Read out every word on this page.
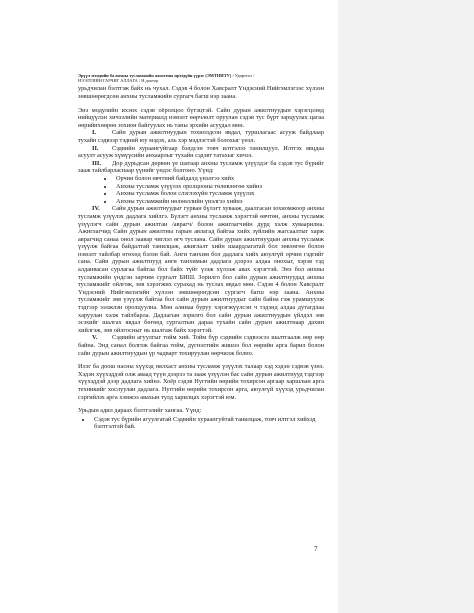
Эрүүл мэндийн ба анхны тусламжийн ажилтны ирээдүйн үүрэг (ЭМТНИТУ) / Удиртгал /
НЭЭЛТИЙН ГАРЧИГ АЛЛАГА / Н.доктор

урьдчилан бэлтгэж байх нь чухал. Сэдэв 4 болон Хавсралт Үндэсний Нийгэмлэгээс хүлээн зөвшөөрөгдсөн анхны тусламжийн сургагч багш нэр заана.

Энэ модулийн ихэнх сэдэв оёролцоо бүтэцтэй. Сайн дурын ажилтнуудын хэрэгцээнд нийцүүлэн хичээлийн материалд нэмэлт өөрчлөлт оруулан сэдэв тус бүрт зарцуулах цагаа өөрийнхөөрөө зохион байгуулах нь таны эрхийн асуудал мөн.

I.	Сайн дурын ажилтнуудын тохиолдсон явдал, туршлагаас асууж байдлаар тухайн сэдвээр тэдний юу мэдэх, аль хэр мэдлэгтэй болохыг үнэл.

II. Сэдвийн хураангуйгаар бэлдсэн товч илтгэлээ танилцуул. Илтгэх явцдаа асуулт асууж хүмүүсийн анхаарлыг тухайн сэдэвт татахыг хичээ.

III. Дор дурьдсан дөрвөн үе шатаар анхны тусламж үзүүлдэг ба сэдэв тус бүрийг зааж тайлбарласнаар үүнийг үндэс болгоно. Үүнд:

• Орчин болон өвчтний байдалд үнэлгээ хийх
• Анхны тусламж үзүүлэх оролцооны төлөвлөгөө хийнэ
• Анхны тусламж болон слэглэхүйн тусламж үзүүлэх
• Анхны тусламжийн нөлөөллийн үнэлгээ хийнэ

IV. Сайн дурын ажилтнуудыг гурван бүлэгт хувааж, даалгасан зохиомжоор анхны тусламж үзүүлэх дадлага хийлгэ. Бүлэгт анхны тусламж хэрэгтэй өвчтөн, анхны тусламж үзүүлэгч сайн дурын ажилтан /аврагч/ болон ажиглагчийн дүрд хэлж хуваарилна. Ажиглагчид Сайн дурын ажилтны гарын авлагад байгаа хийх зүйлийн жагсаалтыг харж аврагчид санаа онол заавар чиглэл өгч туслана. Сайн дурын ажилтнуудын анхны тусламж үзүүлж байгаа байдалтай танилцаж, ажиглалт хийн шаардлагатай бол зөвлөгөө болон нэмэлт тайлбар өгөхөд бэлэн бай. Анги танхим бол дадлага хийх аюулгүй орчин гэдгийг сана. Сайн дурын ажилтнууд анги танхимын дадлага дээрээ алдаа онохыг, хэрэв тэд алданвасан сурлагаа байгаа бол байх түйг үзэж хүлээж авах хэрэгтэй. Энэ бол анхны тусламжийн үндсэн зарчим сургалт БИШ. Зорилго бол сайн дурын ажилтнуудад анхны тусламжийг ойлгож, зөв хэрэгжих сурахад нь туслах явдал мөн. Сэдэв 4 болон Хавсралт Үндэсний Нийгэмлэгийн хүлээн зөвшөөрөгдсөн сургагч багш нэр заана. Анхны тусламжийг зөв үзүүлж байгаа бол сайн дурын ажилтнуудыг сайн байна гэж урамшуулж тэдгээр ээлжлэн оролцуулна. Мөн алинаа буруу хэрэгжүүлсэн ч тэдэнд алдаа дутагдлаа харуулан хэлж тайлбарла. Дадлагын зорилго бол сайн дурын ажилтнуудын үйлдэл зөв эсэхийг шалгах явдал бөгөөд сургалтын дараа тухайн сайн дурын ажилтнаар дахин хийлгэж, зөв ойлгосныг нь шалгаж байх хэрэгтэй.

V. Сэдвийн агуулгыг тойм хий. Тойм бүр сэдвийн сэдвээсээ шалтгаалж өөр өөр байна. Энд санал болгож байгаа тойм, дүгнэлтийн жишээ бол өөрийн арга барил болон сайн дурын ажилтнуудын үр чадварт тохируулан өөрчилж болно.

Илэг ба доош насны хүүхэд нялхаст анхны тусламж үзүүлэх талаар хэд хэдэн сэдвэв үзнэ. Хэдэн хүүхэддэй олж аваад түүн дээрээ та зааж үзүүлэн бас сайн дурын ажилтнууд тэдгээр хүүхэддэй дээр дадлага хийнэ. Хоёр сэдэв Нуггийн өөрийн тохирсон аргаар харшлын арга техникийг хослуулан дадлага. Нуггийн өөрийн тохирсон арга, аюулгүй хүүхэд урьдчилан сэргийлэх арга хэмжээ авахын тулд харилцах хэрэгтэй юм.

Урьдын адил дараах бэлтгэлийг хангаа. Үүнд:

• Сэдэв тус бүрийн агуулгатай Сэдвийн хураангуйтай танилцаж, товч илтгэл хийхэд бэлтгэлтэй бай.
7
